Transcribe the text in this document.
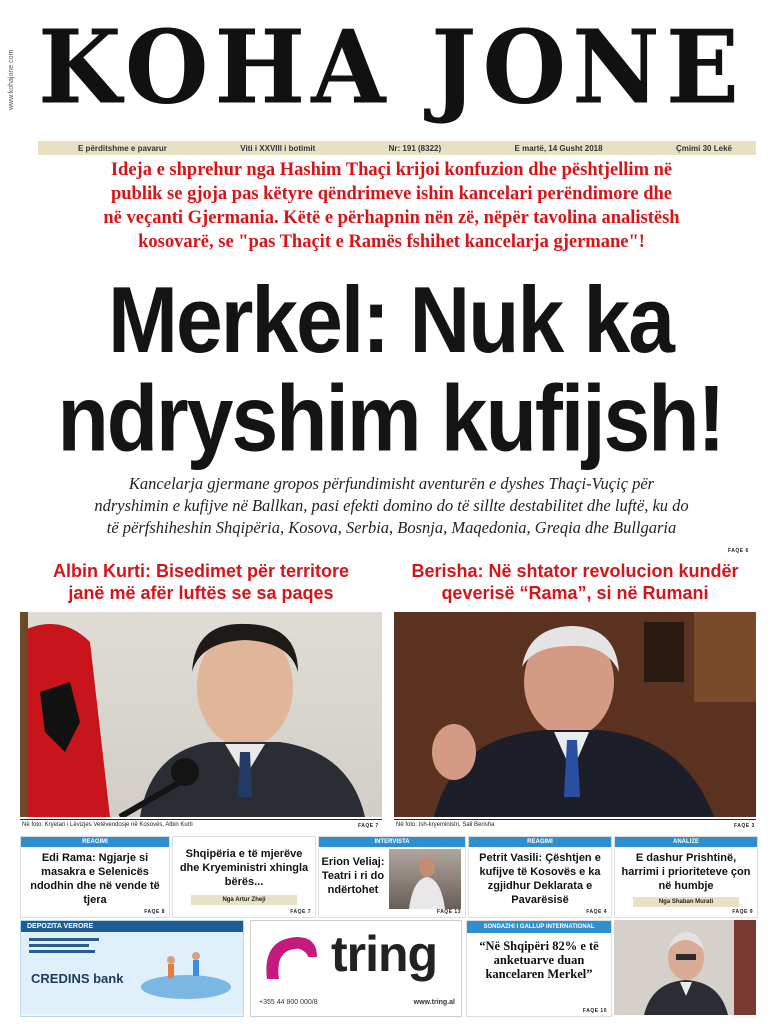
www.kohajone.com KOHA JONE
E përditshme e pavarur	Viti i XXVIII i botimit	Nr: 191 (8322)	E martë, 14 Gusht 2018	Çmimi 30 Lekë
Ideja e shprehur nga Hashim Thaçi krijoi konfuzion dhe pështjellim në
publik se gjoja pas këtyre qëndrimeve ishin kancelari perëndimore dhe
në veçanti Gjermania. Këtë e përhapnin nën zë, nëpër tavolina analistësh
kosovarë, se "pas Thaçit e Ramës fshihet kancelarja gjermane"!
Merkel: Nuk ka
ndryshim kufijsh!
Kancelarja gjermane gropos përfundimisht aventurën e dyshes Thaçi-Vuçiç për
ndryshimin e kufijve në Ballkan, pasi efekti domino do të sillte destabilitet dhe luftë, ku do
të përfshiheshin Shqipëria, Kosova, Serbia, Bosnja, Maqedonia, Greqia dhe Bullgaria
FAQE 6
Albin Kurti: Bisedimet për territore
janë më afër luftës se sa paqes
Në foto: Kryetari i Lëvizjes Vetëvendosje në Kosovës, Albin Kurti	FAQE 7
Berisha: Në shtator revolucion kundër
qeverisë “Rama”, si në Rumani
Në foto: Ish-kryeministri, Sali Berisha	FAQE 3
REAGIMI
Edi Rama: Ngjarje si masakra e Selenicës ndodhin dhe në vende të tjera
FAQE 8
Shqipëria e të mjerëve dhe Kryeministri xhingla bërës...
Nga Artur Zheji
FAQE 7
INTERVISTA
Erion Veliaj: Teatri i ri do ndërtohet
FAQE 13
REAGIMI
Petrit Vasili: Çështjen e kufijve të Kosovës e ka zgjidhur Deklarata e Pavarësisë
FAQE 4
ANALIZE
E dashur Prishtinë, harrimi i prioriteteve çon në humbje
Nga Shaban Murati
FAQE 9
DEPOZITA VERORE
CREDINS bank	tring
+355 44 800 000/8	www.tring.al
SONDAZHI I GALLUP INTERNATIONAL
“Në Shqipëri 82% e të anketuarve duan kancelaren Merkel”
FAQE 10
